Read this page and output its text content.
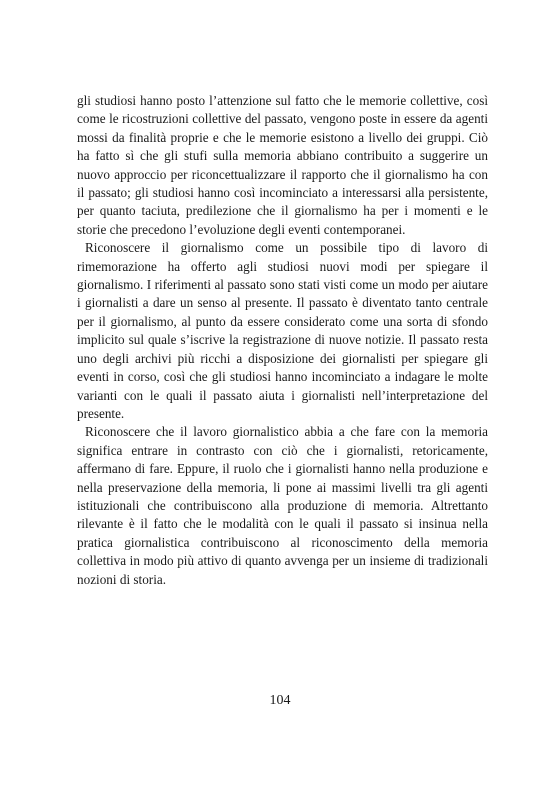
gli studiosi hanno posto l’attenzione sul fatto che le memorie collettive, così come le ricostruzioni collettive del passato, vengono poste in essere da agenti mossi da finalità proprie e che le memorie esistono a livello dei gruppi. Ciò ha fatto sì che gli stufi sulla memoria abbiano contribuito a suggerire un nuovo approccio per riconcettualizzare il rapporto che il giornalismo ha con il passato; gli studiosi hanno così incominciato a interessarsi alla persistente, per quanto taciuta, predilezione che il giornalismo ha per i momenti e le storie che precedono l’evoluzione degli eventi contemporanei.

Riconoscere il giornalismo come un possibile tipo di lavoro di rimemorazione ha offerto agli studiosi nuovi modi per spiegare il giornalismo. I riferimenti al passato sono stati visti come un modo per aiutare i giornalisti a dare un senso al presente. Il passato è diventato tanto centrale per il giornalismo, al punto da essere considerato come una sorta di sfondo implicito sul quale s’iscrive la registrazione di nuove notizie. Il passato resta uno degli archivi più ricchi a disposizione dei giornalisti per spiegare gli eventi in corso, così che gli studiosi hanno incominciato a indagare le molte varianti con le quali il passato aiuta i giornalisti nell’interpretazione del presente.

Riconoscere che il lavoro giornalistico abbia a che fare con la memoria significa entrare in contrasto con ciò che i giornalisti, retoricamente, affermano di fare. Eppure, il ruolo che i giornalisti hanno nella produzione e nella preservazione della memoria, li pone ai massimi livelli tra gli agenti istituzionali che contribuiscono alla produzione di memoria. Altrettanto rilevante è il fatto che le modalità con le quali il passato si insinua nella pratica giornalistica contribuiscono al riconoscimento della memoria collettiva in modo più attivo di quanto avvenga per un insieme di tradizionali nozioni di storia.

104
